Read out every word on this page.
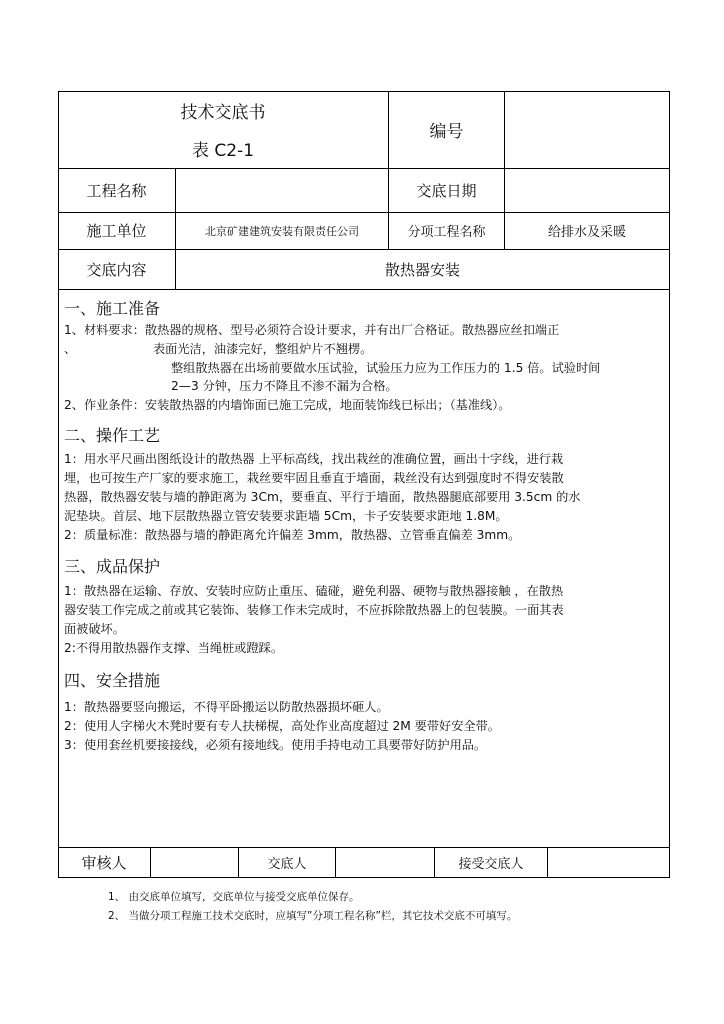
技术交底书
表 C2-1
编号
工程名称	交底日期
施工单位	北京矿建建筑安装有限责任公司	分项工程名称	给排水及采暖
交底内容	散热器安装
一、施工准备
1、材料要求：散热器的规格、型号必须符合设计要求，并有出厂合格证。散热器应丝扣端正
、	表面光洁，油漆完好，整组炉片不翘楞。
整组散热器在出场前要做水压试验，试验压力应为工作压力的 1.5 倍。试验时间
2—3 分钟，压力不降且不渗不漏为合格。
2、作业条件：安装散热器的内墙饰面已施工完成，地面装饰线已标出；（基准线）。
二、操作工艺
1：用水平尺画出图纸设计的散热器 上平标高线，找出栽丝的准确位置，画出十字线，进行栽
埋，也可按生产厂家的要求施工，栽丝要牢固且垂直于墙面，栽丝没有达到强度时不得安装散
热器，散热器安装与墙的静距离为 3Cm，要垂直、平行于墙面，散热器腿底部要用 3.5cm 的水
泥垫块。首层、地下层散热器立管安装要求距墙 5Cm，卡子安装要求距地 1.8M。
2：质量标准：散热器与墙的静距离允许偏差 3mm，散热器、立管垂直偏差 3mm。
三、成品保护
1：散热器在运输、存放、安装时应防止重压、磕碰，避免利器、硬物与散热器接触 ，在散热
器安装工作完成之前或其它装饰、装修工作未完成时，不应拆除散热器上的包装膜。一面其表
面被破坏。
2:不得用散热器作支撑、当绳桩或蹬踩。
四、安全措施
1：散热器要竖向搬运，不得平卧搬运以防散热器损坏砸人。
2：使用人字梯火木凳时要有专人扶梯榥，高处作业高度超过 2M 要带好安全带。
3：使用套丝机要接接线，必须有接地线。使用手持电动工具要带好防护用品。
审核人	交底人	接受交底人
1、 由交底单位填写，交底单位与接受交底单位保存。
2、 当做分项工程施工技术交底时，应填写”分项工程名称”栏，其它技术交底不可填写。
